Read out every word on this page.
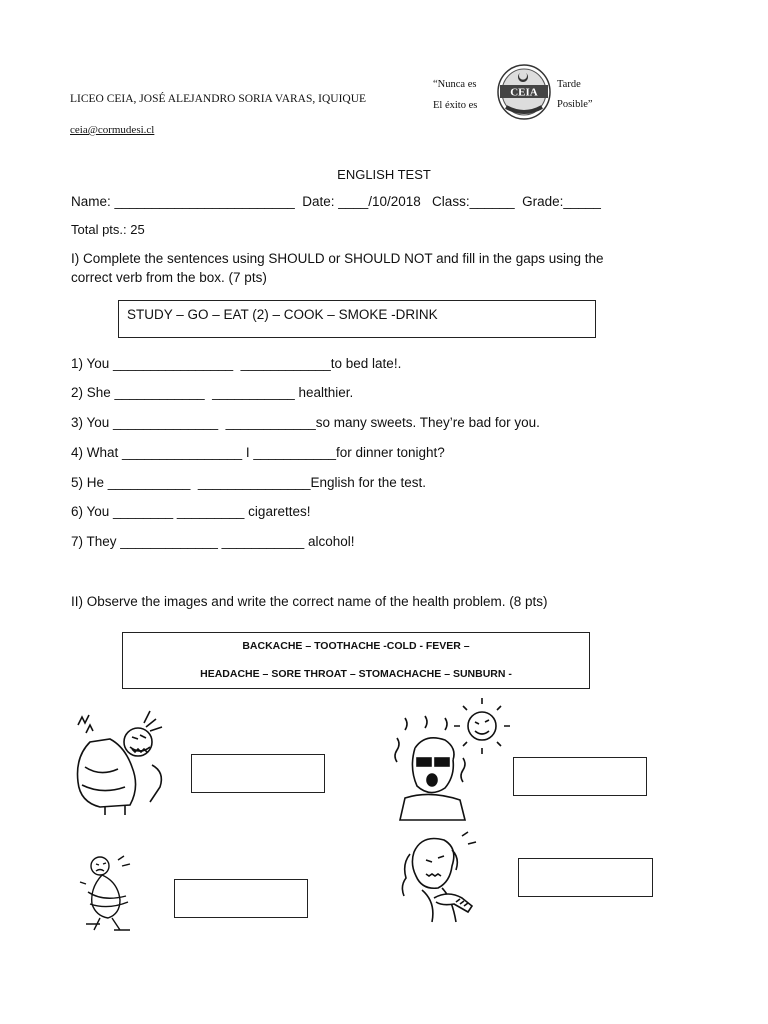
LICEO CEIA, JOSÉ ALEJANDRO SORIA VARAS, IQUIQUE
ceia@cormudesi.cl
“Nunca es
El éxito es
Tarde
Posible”
CEIA
ENGLISH TEST
Name: ________________________  Date: ____/10/2018   Class:______  Grade:_____
Total pts.: 25
I) Complete the sentences using SHOULD or SHOULD NOT and fill in the gaps using the
correct verb from the box. (7 pts)
STUDY – GO – EAT (2) – COOK – SMOKE -DRINK
1) You ________________  ____________to bed late!.
2) She ____________  ___________ healthier.
3) You ______________  ____________so many sweets. They’re bad for you.
4) What ________________ I ___________for dinner tonight?
5) He ___________  _______________English for the test.
6) You ________ _________ cigarettes!
7) They _____________ ___________ alcohol!
II) Observe the images and write the correct name of the health problem. (8 pts)
BACKACHE – TOOTHACHE -COLD - FEVER –
HEADACHE – SORE THROAT – STOMACHACHE – SUNBURN -
